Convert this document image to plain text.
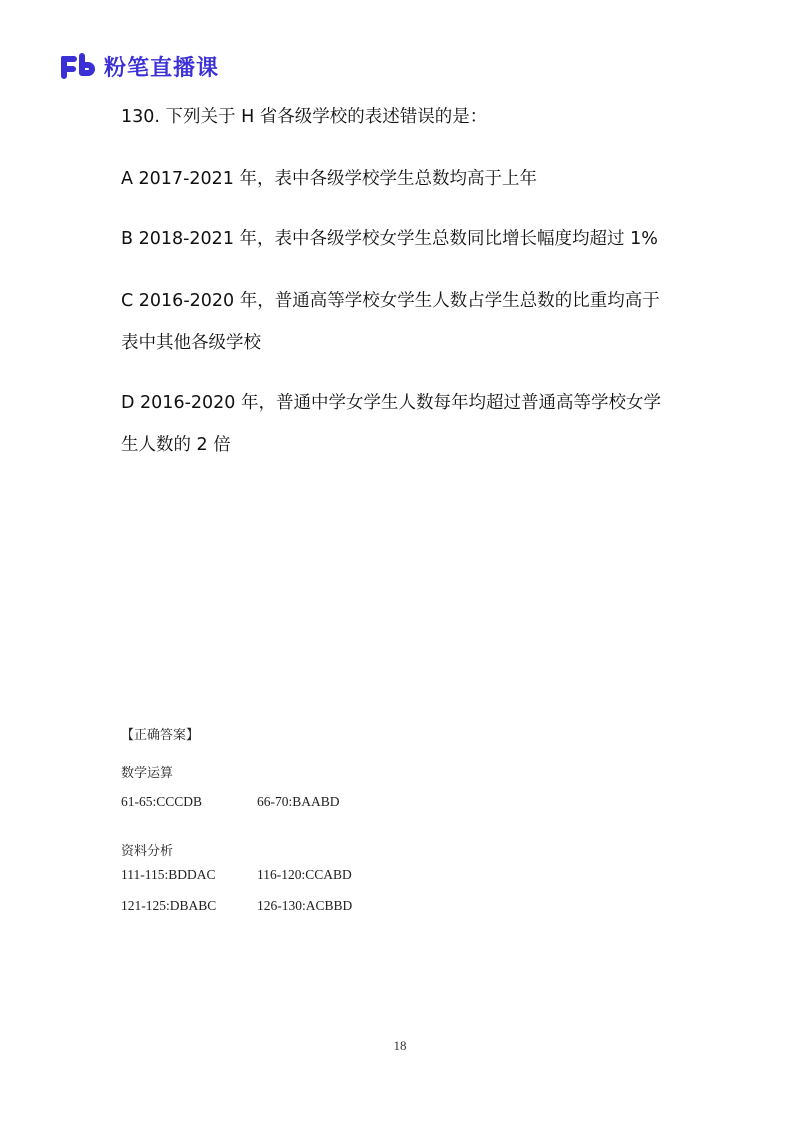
粉笔直播课
130. 下列关于 H 省各级学校的表述错误的是：
A 2017-2021 年，表中各级学校学生总数均高于上年
B 2018-2021 年，表中各级学校女学生总数同比增长幅度均超过 1%
C 2016-2020 年，普通高等学校女学生人数占学生总数的比重均高于
表中其他各级学校
D 2016-2020 年，普通中学女学生人数每年均超过普通高等学校女学
生人数的 2 倍
【正确答案】
数学运算
61-65:CCCDB	66-70:BAABD
资料分析
111-115:BDDAC	116-120:CCABD
121-125:DBABC	126-130:ACBBD
18
